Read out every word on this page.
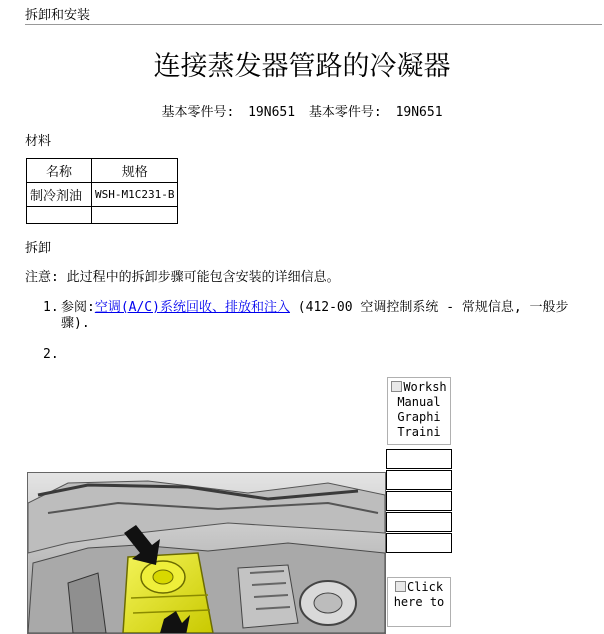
拆卸和安装
连接蒸发器管路的冷凝器
基本零件号: 19N651 基本零件号: 19N651
材料
名称	规格
制冷剂油	WSH-M1C231-B

拆卸
注意: 此过程中的拆卸步骤可能包含安装的详细信息。
1. 参阅:空调(A/C)系统回收、排放和注入 (412-00 空调控制系统 - 常规信息, 一般步骤).
2.
Worksh Manual Graphi Traini
Click here to
